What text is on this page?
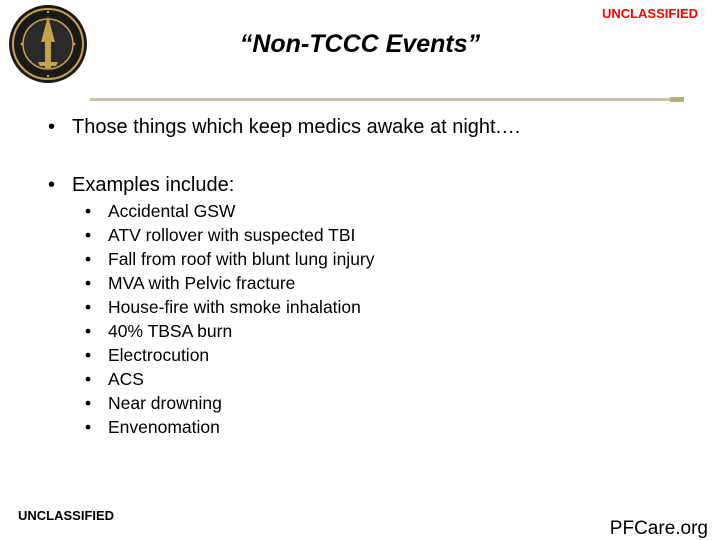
UNCLASSIFIED
“Non-TCCC Events”
• Those things which keep medics awake at night.…
• Examples include:
• Accidental GSW
• ATV rollover with suspected TBI
• Fall from roof with blunt lung injury
• MVA with Pelvic fracture
• House-fire with smoke inhalation
• 40% TBSA burn
• Electrocution
• ACS
• Near drowning
• Envenomation
UNCLASSIFIED
PFCare.org
